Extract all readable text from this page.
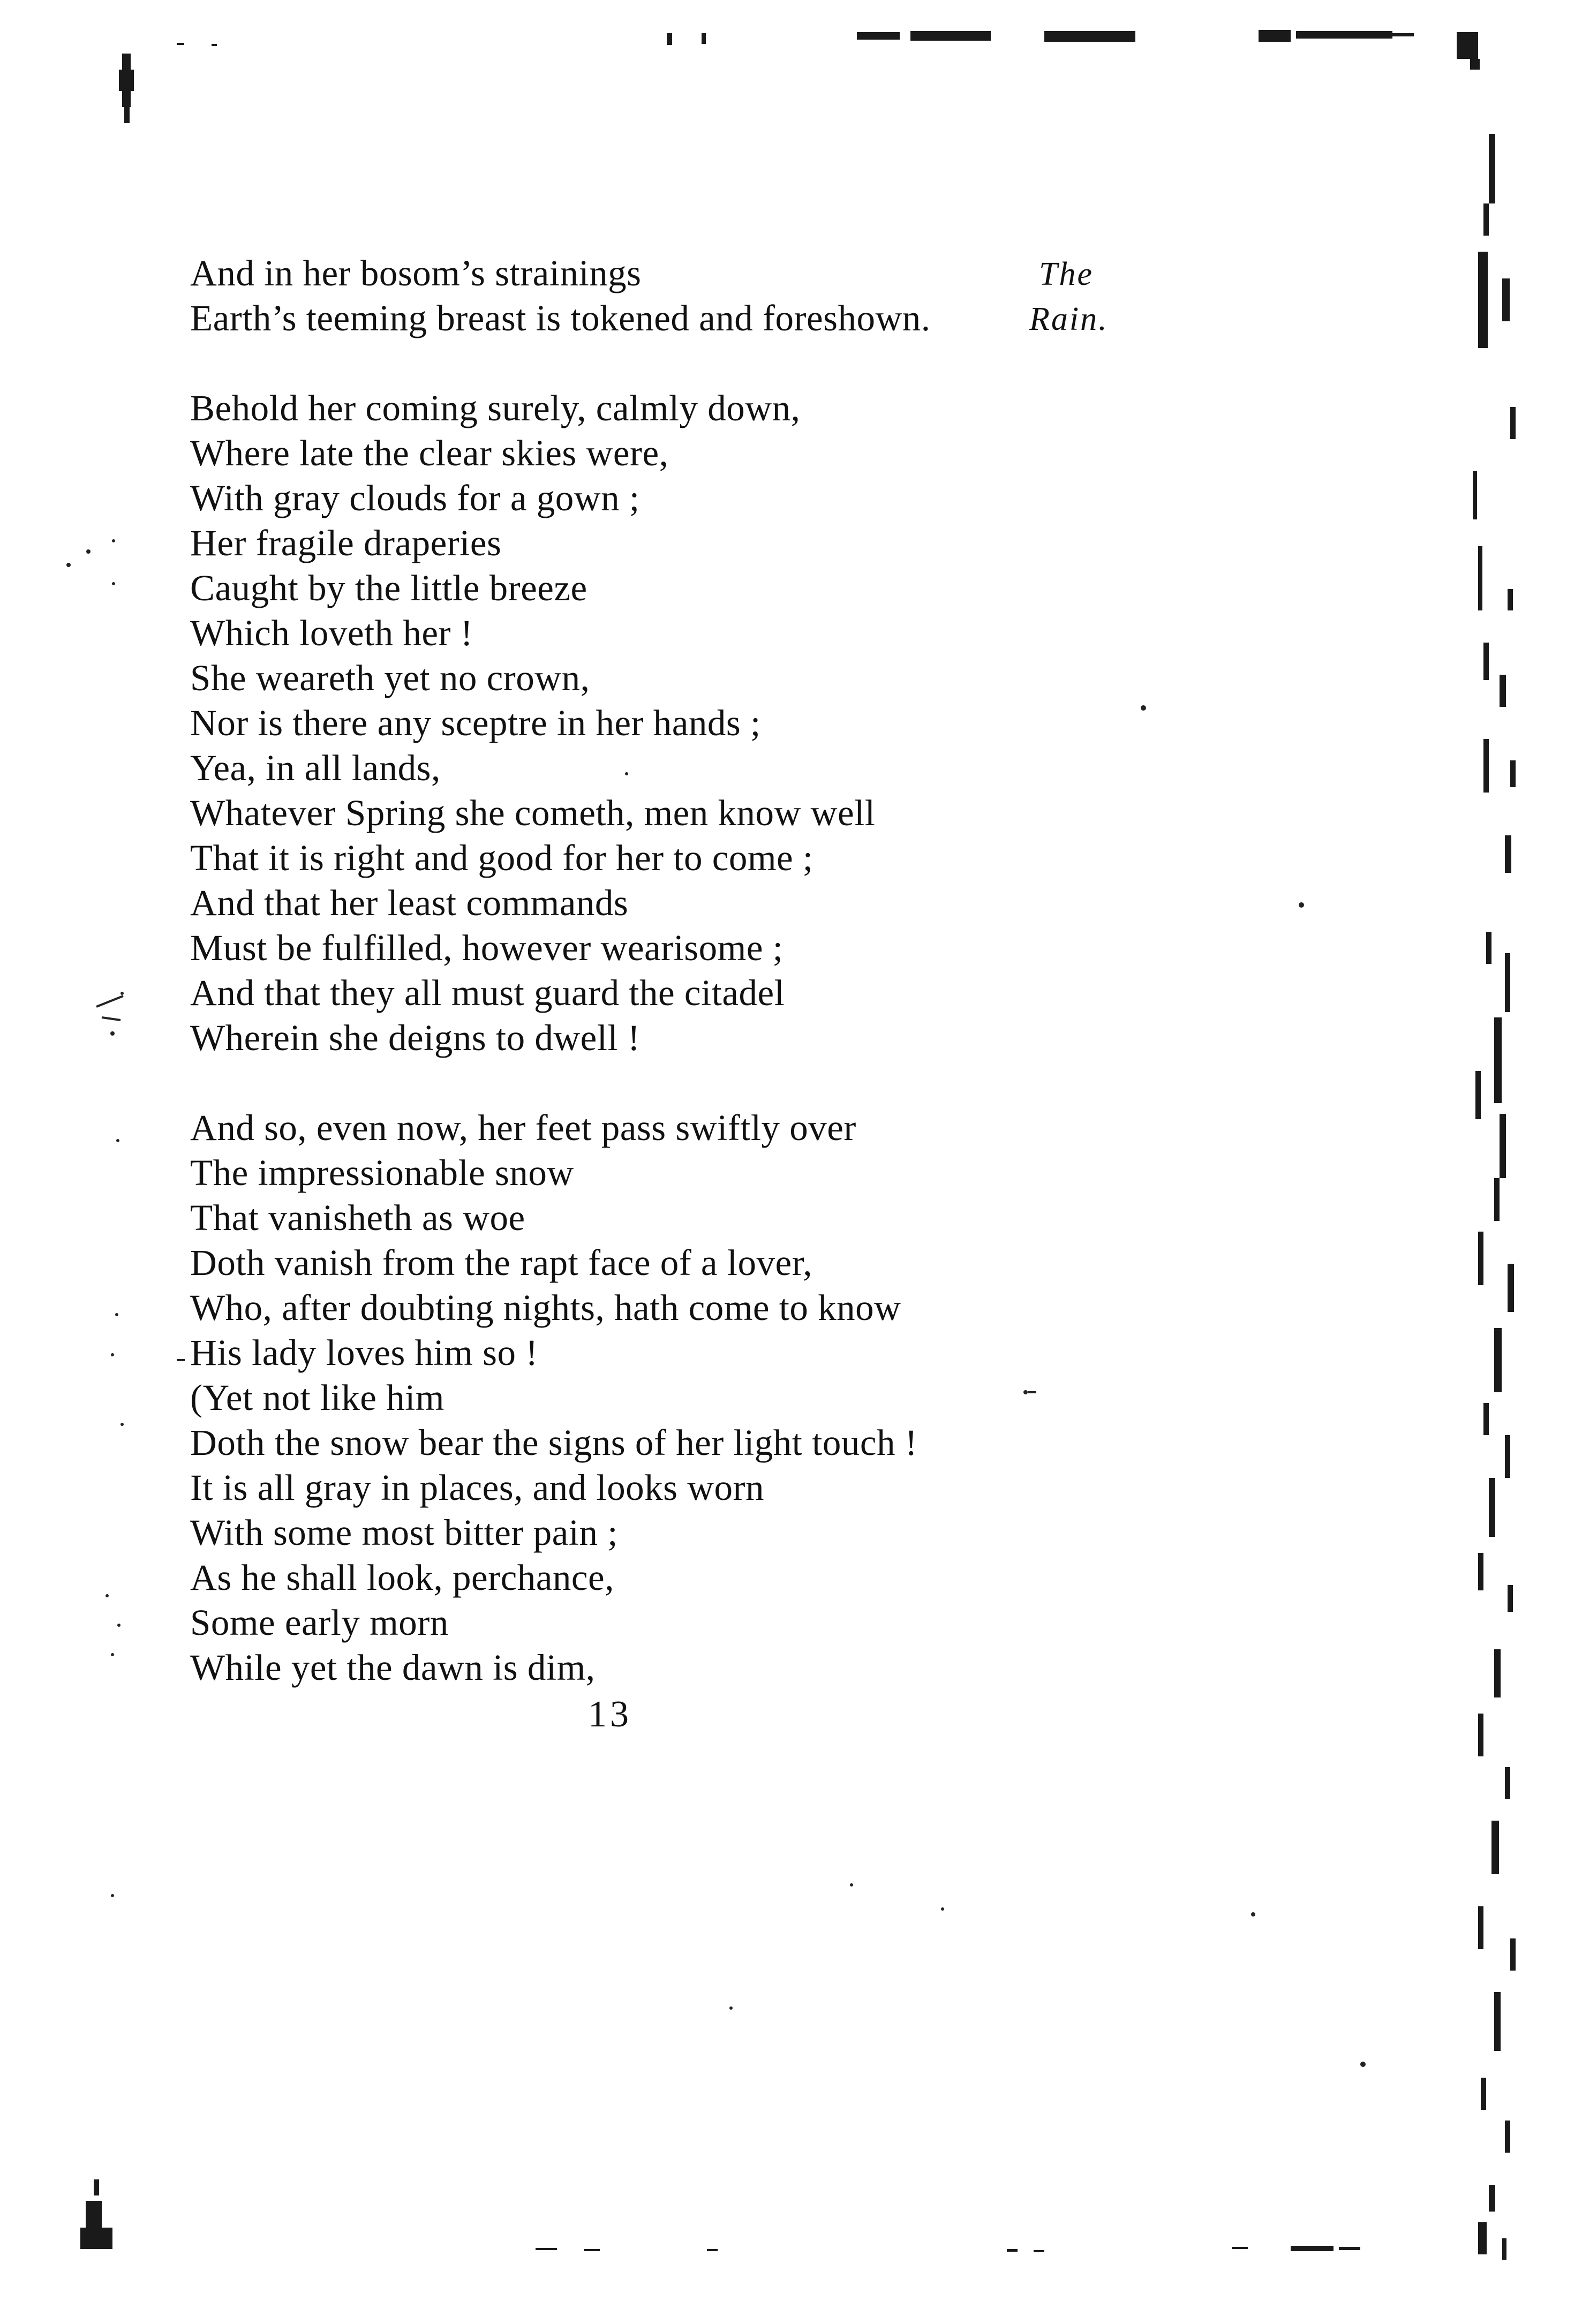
And in her bosom’s strainings
Earth’s teeming breast is tokened and foreshown.
Behold her coming surely, calmly down,
Where late the clear skies were,
With gray clouds for a gown ;
Her fragile draperies
Caught by the little breeze
Which loveth her !
She weareth yet no crown,
Nor is there any sceptre in her hands ;
Yea, in all lands,
Whatever Spring she cometh, men know well
That it is right and good for her to come ;
And that her least commands
Must be fulfilled, however wearisome ;
And that they all must guard the citadel
Wherein she deigns to dwell !
And so, even now, her feet pass swiftly over
The impressionable snow
That vanisheth as woe
Doth vanish from the rapt face of a lover,
Who, after doubting nights, hath come to know
His lady loves him so !
(Yet not like him
Doth the snow bear the signs of her light touch !
It is all gray in places, and looks worn
With some most bitter pain ;
As he shall look, perchance,
Some early morn
While yet the dawn is dim,
The
Rain.
13
